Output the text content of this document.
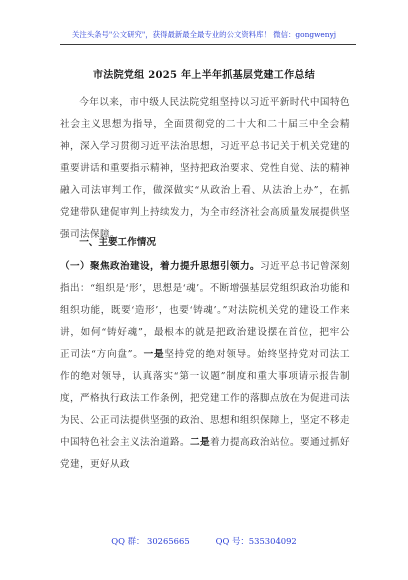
关注头条号"公文研究"，获得最新最全最专业的公文资料库！ 微信：gongwenyj
市法院党组 2025 年上半年抓基层党建工作总结
今年以来，市中级人民法院党组坚持以习近平新时代中国特色社会主义思想为指导，全面贯彻党的二十大和二十届三中全会精神，深入学习贯彻习近平法治思想，习近平总书记关于机关党建的重要讲话和重要指示精神，坚持把政治要求、党性自觉、法的精神融入司法审判工作，做深做实“从政治上看、从法治上办”，在抓党建带队建促审判上持续发力，为全市经济社会高质量发展提供坚强司法保障。
一、主要工作情况
（一）聚焦政治建设，着力提升思想引领力。习近平总书记曾深刻指出：“组织是‘形’，思想是‘魂’。不断增强基层党组织政治功能和组织功能，既要‘造形’，也要‘铸魂’。”对法院机关党的建设工作来讲，如何“铸好魂”，最根本的就是把政治建设摆在首位，把牢公正司法“方向盘”。一是坚持党的绝对领导。始终坚持党对司法工作的绝对领导，认真落实“第一议题”制度和重大事项请示报告制度，严格执行政法工作条例，把党建工作的落脚点放在为促进司法为民、公正司法提供坚强的政治、思想和组织保障上，坚定不移走中国特色社会主义法治道路。二是着力提高政治站位。要通过抓好党建，更好从政
QQ 群： 30265665	QQ 号：535304092
